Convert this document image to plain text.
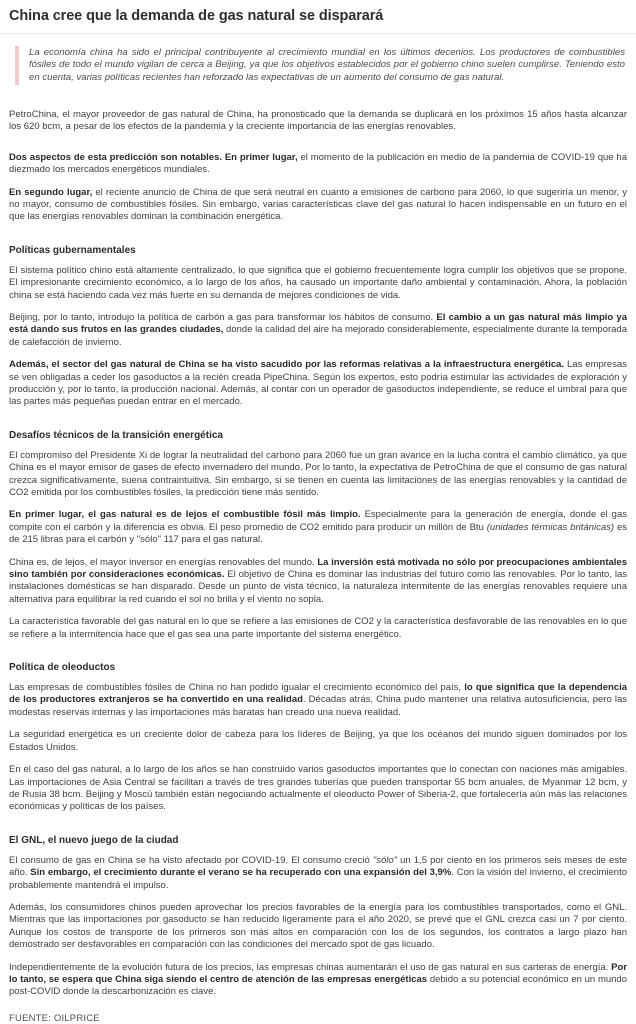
China cree que la demanda de gas natural se disparará
La economía china ha sido el principal contribuyente al crecimiento mundial en los últimos decenios. Los productores de combustibles fósiles de todo el mundo vigilan de cerca a Beijing, ya que los objetivos establecidos por el gobierno chino suelen cumplirse. Teniendo esto en cuenta, varias políticas recientes han reforzado las expectativas de un aumento del consumo de gas natural.

PetroChina, el mayor proveedor de gas natural de China, ha pronosticado que la demanda se duplicará en los próximos 15 años hasta alcanzar los 620 bcm, a pesar de los efectos de la pandemia y la creciente importancia de las energías renovables.

Dos aspectos de esta predicción son notables. En primer lugar, el momento de la publicación en medio de la pandemia de COVID-19 que ha diezmado los mercados energéticos mundiales.

En segundo lugar, el reciente anuncio de China de que será neutral en cuanto a emisiones de carbono para 2060, lo que sugeriría un menor, y no mayor, consumo de combustibles fósiles. Sin embargo, varias características clave del gas natural lo hacen indispensable en un futuro en el que las energías renovables dominan la combinación energética.

Políticas gubernamentales

El sistema político chino está altamente centralizado, lo que significa que el gobierno frecuentemente logra cumplir los objetivos que se propone. El impresionante crecimiento económico, a lo largo de los años, ha causado un importante daño ambiental y contaminación. Ahora, la población china se está haciendo cada vez más fuerte en su demanda de mejores condiciones de vida.

Beijing, por lo tanto, introdujo la política de carbón a gas para transformar los hábitos de consumo. El cambio a un gas natural más limpio ya está dando sus frutos en las grandes ciudades, donde la calidad del aire ha mejorado considerablemente, especialmente durante la temporada de calefacción de invierno.

Además, el sector del gas natural de China se ha visto sacudido por las reformas relativas a la infraestructura energética. Las empresas se ven obligadas a ceder los gasoductos a la recién creada PipeChina. Según los expertos, esto podría estimular las actividades de exploración y producción y, por lo tanto, la producción nacional. Además, al contar con un operador de gasoductos independiente, se reduce el umbral para que las partes más pequeñas puedan entrar en el mercado.

Desafíos técnicos de la transición energética

El compromiso del Presidente Xi de lograr la neutralidad del carbono para 2060 fue un gran avance en la lucha contra el cambio climático, ya que China es el mayor emisor de gases de efecto invernadero del mundo. Por lo tanto, la expectativa de PetroChina de que el consumo de gas natural crezca significativamente, suena contraintuitiva. Sin embargo, si se tienen en cuenta las limitaciones de las energías renovables y la cantidad de CO2 emitida por los combustibles fósiles, la predicción tiene más sentido.

En primer lugar, el gas natural es de lejos el combustible fósil más limpio. Especialmente para la generación de energía, donde el gas compite con el carbón y la diferencia es obvia. El peso promedio de CO2 emitido para producir un millón de Btu (unidades térmicas británicas) es de 215 libras para el carbón y "sólo" 117 para el gas natural.

China es, de lejos, el mayor inversor en energías renovables del mundo. La inversión está motivada no sólo por preocupaciones ambientales sino también por consideraciones económicas. El objetivo de China es dominar las industrias del futuro como las renovables. Por lo tanto, las instalaciones domésticas se han disparado. Desde un punto de vista técnico, la naturaleza intermitente de las energías renovables requiere una alternativa para equilibrar la red cuando el sol no brilla y el viento no sopla.

La característica favorable del gas natural en lo que se refiere a las emisiones de CO2 y la característica desfavorable de las renovables en lo que se refiere a la intermitencia hace que el gas sea una parte importante del sistema energético.

Política de oleoductos

Las empresas de combustibles fósiles de China no han podido igualar el crecimiento económico del país, lo que significa que la dependencia de los productores extranjeros se ha convertido en una realidad. Décadas atrás, China pudo mantener una relativa autosuficiencia, pero las modestas reservas internas y las importaciones más baratas han creado una nueva realidad.

La seguridad energética es un creciente dolor de cabeza para los líderes de Beijing, ya que los océanos del mundo siguen dominados por los Estados Unidos.

En el caso del gas natural, a lo largo de los años se han construido varios gasoductos importantes que lo conectan con naciones más amigables. Las importaciones de Asia Central se facilitan a través de tres grandes tuberías que pueden transportar 55 bcm anuales, de Myanmar 12 bcm, y de Rusia 38 bcm. Beijing y Moscú también están negociando actualmente el oleoducto Power of Siberia-2, que fortalecería aún más las relaciones económicas y políticas de los países.

El GNL, el nuevo juego de la ciudad

El consumo de gas en China se ha visto afectado por COVID-19. El consumo creció "sólo" un 1,5 por ciento en los primeros seis meses de este año. Sin embargo, el crecimiento durante el verano se ha recuperado con una expansión del 3,9%. Con la visión del invierno, el crecimiento probablemente mantendrá el impulso.

Además, los consumidores chinos pueden aprovechar los precios favorables de la energía para los combustibles transportados, como el GNL. Mientras que las importaciones por gasoducto se han reducido ligeramente para el año 2020, se prevé que el GNL crezca casi un 7 por ciento. Aunque los costos de transporte de los primeros son más altos en comparación con los de los segundos, los contratos a largo plazo han demostrado ser desfavorables en comparación con las condiciones del mercado spot de gas licuado.

Independientemente de la evolución futura de los precios, las empresas chinas aumentarán el uso de gas natural en sus carteras de energía. Por lo tanto, se espera que China siga siendo el centro de atención de las empresas energéticas debido a su potencial económico en un mundo post-COVID donde la descarbonización es clave.

FUENTE: OILPRICE
